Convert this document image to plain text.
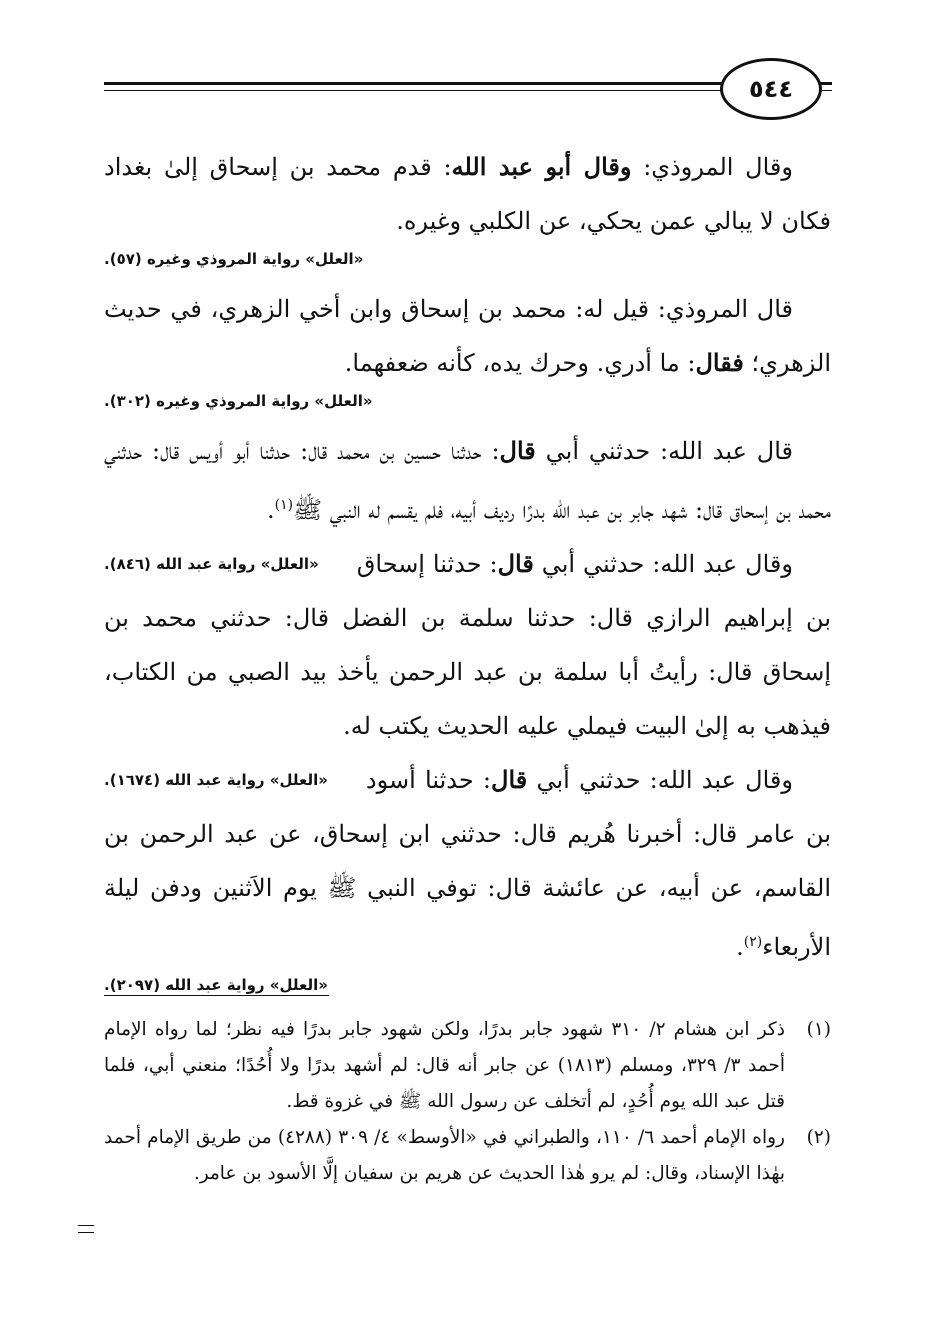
٥٤٤

وقال المروذي: وقال أبو عبد الله: قدم محمد بن إسحاق إلىٰ بغداد فكان لا يبالي عمن يحكي، عن الكلبي وغيره.

«العلل» رواية المروذي وغيره (٥٧).

قال المروذي: قيل له: محمد بن إسحاق وابن أخي الزهري، في حديث الزهري؛ فقال: ما أدري. وحرك يده، كأنه ضعفهما.

«العلل» رواية المروذي وغيره (٣٠٢).

قال عبد الله: حدثني أبي قال: حدثنا حسين بن محمد قال: حدثنا أبو أويس قال: حدثني محمد بن إسحاق قال: شهد جابر بن عبد الله بدرًا رديف أبيه، فلم يقسم له النبي ﷺ$^{(١)}$.
«العلل» رواية عبد الله (٨٤٦).	وقال عبد الله: حدثني أبي قال: حدثنا إسحاق بن إبراهيم الرازي قال: حدثنا سلمة بن الفضل قال: حدثني محمد بن إسحاق قال: رأيتُ أبا سلمة بن عبد الرحمن يأخذ بيد الصبي من الكتاب، فيذهب به إلىٰ البيت فيملي عليه الحديث يكتب له.
«العلل» رواية عبد الله (١٦٧٤).	وقال عبد الله: حدثني أبي قال: حدثنا أسود بن عامر قال: أخبرنا هُريم قال: حدثني ابن إسحاق، عن عبد الرحمن بن القاسم، عن أبيه، عن عائشة قال: توفي النبي ﷺ يوم الاَثنين ودفن ليلة الأربعاء$^{(٢)}$.

«العلل» رواية عبد الله (٢٠٩٧).

(١)
ذكر ابن هشام ٢/ ٣١٠ شهود جابر بدرًا، ولكن شهود جابر بدرًا فيه نظر؛ لما رواه الإمام أحمد ٣/ ٣٢٩، ومسلم (١٨١٣) عن جابر أنه قال: لم أشهد بدرًا ولا أُحُدًا؛ منعني أبي، فلما قتل عبد الله يوم أُحُدٍ، لم أتخلف عن رسول الله ﷺ في غزوة قط.
(٢)
رواه الإمام أحمد ٦/ ١١٠، والطبراني في «الأوسط» ٤/ ٣٠٩ (٤٢٨٨) من طريق الإمام أحمد بهٰذا الإسناد، وقال: لم يرو هٰذا الحديث عن هريم بن سفيان إلَّا الأسود بن عامر.
